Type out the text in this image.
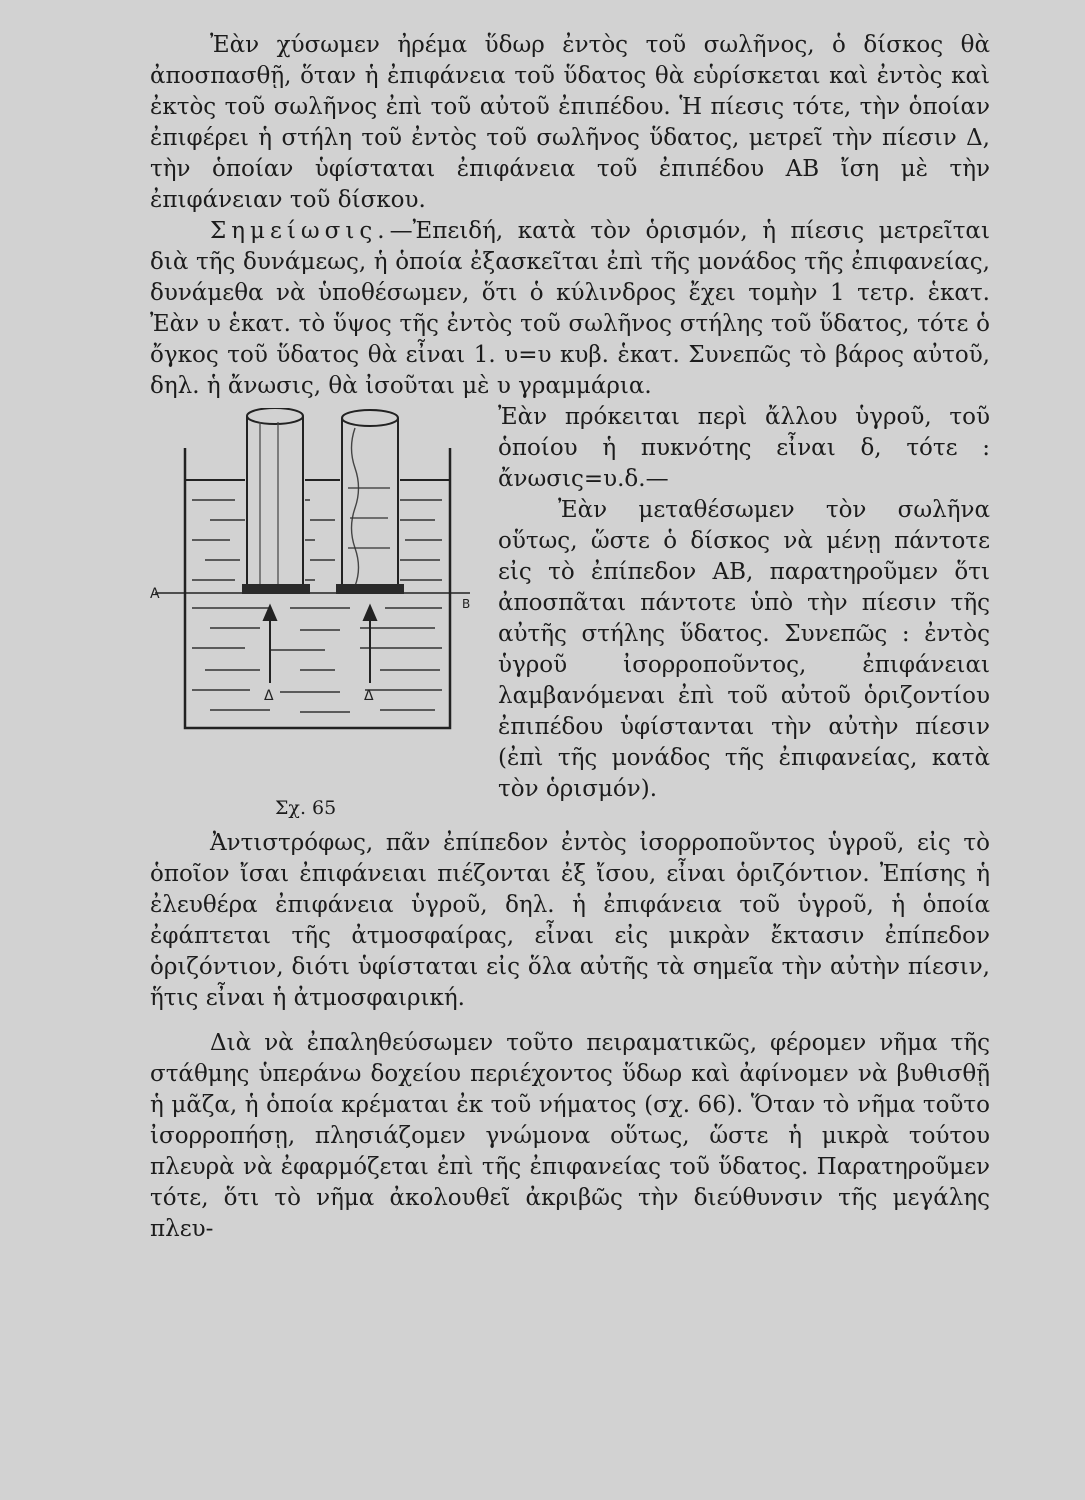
Ἐὰν χύσωμεν ἠρέμα ὕδωρ ἐντὸς τοῦ σωλῆνος, ὁ δίσκος θὰ ἀποσπασθῇ, ὅταν ἡ ἐπιφάνεια τοῦ ὕδατος θὰ εὑρίσκεται καὶ ἐντὸς καὶ ἐκτὸς τοῦ σωλῆνος ἐπὶ τοῦ αὐτοῦ ἐπιπέδου. Ἡ πίεσις τότε, τὴν ὁποίαν ἐπιφέρει ἡ στήλη τοῦ ἐντὸς τοῦ σωλῆνος ὕδατος, μετρεῖ τὴν πίεσιν Δ, τὴν ὁποίαν ὑφίσταται ἐπιφάνεια τοῦ ἐπιπέδου ΑΒ ἴση μὲ τὴν ἐπιφάνειαν τοῦ δίσκου.

Σημείωσις.—Ἐπειδή, κατὰ τὸν ὁρισμόν, ἡ πίεσις μετρεῖται διὰ τῆς δυνάμεως, ἡ ὁποία ἐξασκεῖται ἐπὶ τῆς μονάδος τῆς ἐπιφανείας, δυνάμεθα νὰ ὑποθέσωμεν, ὅτι ὁ κύλινδρος ἔχει τομὴν 1 τετρ. ἑκατ. Ἐὰν υ ἑκατ. τὸ ὕψος τῆς ἐντὸς τοῦ σωλῆνος στήλης τοῦ ὕδατος, τότε ὁ ὄγκος τοῦ ὕδατος θὰ εἶναι 1. υ=υ κυβ. ἑκατ. Συνεπῶς τὸ βάρος αὐτοῦ, δηλ. ἡ ἄνωσις, θὰ ἰσοῦται μὲ υ γραμμάρια.

A
B
Δ	Δ
Σχ. 65

Ἐὰν πρόκειται περὶ ἄλλου ὑγροῦ, τοῦ ὁποίου ἡ πυκνότης εἶναι δ, τότε : ἄνωσις=υ.δ.—

Ἐὰν μεταθέσωμεν τὸν σωλῆνα οὕτως, ὥστε ὁ δίσκος νὰ μένῃ πάντοτε εἰς τὸ ἐπίπεδον ΑΒ, παρατηροῦμεν ὅτι ἀποσπᾶται πάντοτε ὑπὸ τὴν πίεσιν τῆς αὐτῆς στήλης ὕδατος. Συνεπῶς : ἐντὸς ὑγροῦ ἰσορροποῦντος, ἐπιφάνειαι λαμβανόμεναι ἐπὶ τοῦ αὐτοῦ ὁριζοντίου ἐπιπέδου ὑφίστανται τὴν αὐτὴν πίεσιν (ἐπὶ τῆς μονάδος τῆς ἐπιφανείας, κατὰ τὸν ὁρισμόν).

Ἀντιστρόφως, πᾶν ἐπίπεδον ἐντὸς ἰσορροποῦντος ὑγροῦ, εἰς τὸ ὁποῖον ἴσαι ἐπιφάνειαι πιέζονται ἐξ ἴσου, εἶναι ὁριζόντιον. Ἐπίσης ἡ ἐλευθέρα ἐπιφάνεια ὑγροῦ, δηλ. ἡ ἐπιφάνεια τοῦ ὑγροῦ, ἡ ὁποία ἐφάπτεται τῆς ἀτμοσφαίρας, εἶναι εἰς μικρὰν ἔκτασιν ἐπίπεδον ὁριζόντιον, διότι ὑφίσταται εἰς ὅλα αὐτῆς τὰ σημεῖα τὴν αὐτὴν πίεσιν, ἥτις εἶναι ἡ ἀτμοσφαιρική.

Διὰ νὰ ἐπαληθεύσωμεν τοῦτο πειραματικῶς, φέρομεν νῆμα τῆς στάθμης ὑπεράνω δοχείου περιέχοντος ὕδωρ καὶ ἀφίνομεν νὰ βυθισθῇ ἡ μᾶζα, ἡ ὁποία κρέμαται ἐκ τοῦ νήματος (σχ. 66). Ὅταν τὸ νῆμα τοῦτο ἰσορροπήσῃ, πλησιάζομεν γνώμονα οὕτως, ὥστε ἡ μικρὰ τούτου πλευρὰ νὰ ἐφαρμόζεται ἐπὶ τῆς ἐπιφανείας τοῦ ὕδατος. Παρατηροῦμεν τότε, ὅτι τὸ νῆμα ἀκολουθεῖ ἀκριβῶς τὴν διεύθυνσιν τῆς μεγάλης πλευ-
